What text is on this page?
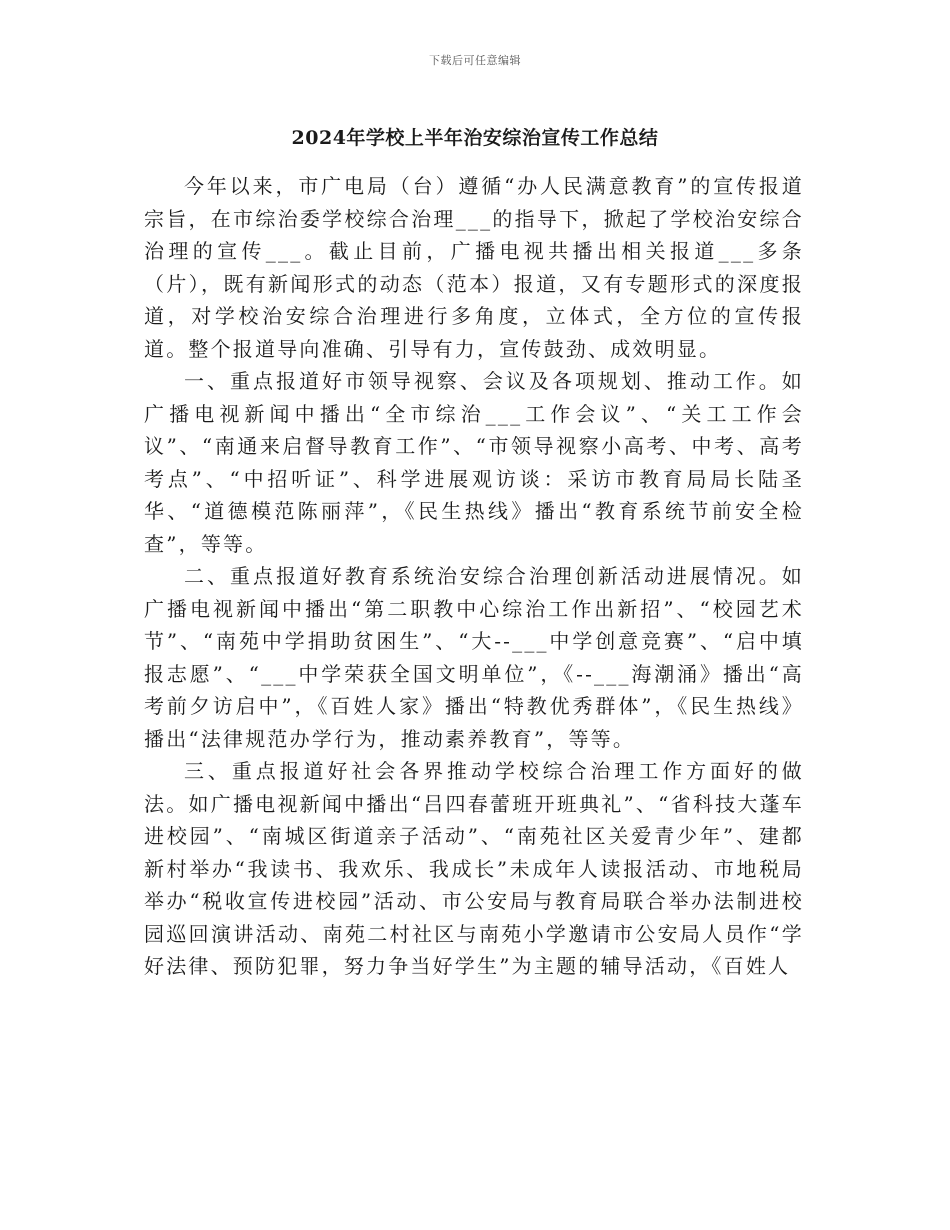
下载后可任意编辑
2024年学校上半年治安综治宣传工作总结

今年以来，市广电局（台）遵循“办人民满意教育”的宣传报道宗旨，在市综治委学校综合治理___的指导下，掀起了学校治安综合治理的宣传___。截止目前，广播电视共播出相关报道___多条（片），既有新闻形式的动态（范本）报道，又有专题形式的深度报道，对学校治安综合治理进行多角度，立体式，全方位的宣传报道。整个报道导向准确、引导有力，宣传鼓劲、成效明显。

一、重点报道好市领导视察、会议及各项规划、推动工作。如广播电视新闻中播出“全市综治___工作会议”、“关工工作会议”、“南通来启督导教育工作”、“市领导视察小高考、中考、高考考点”、“中招听证”、科学进展观访谈：采访市教育局局长陆圣华、“道德模范陈丽萍”，《民生热线》播出“教育系统节前安全检查”，等等。

二、重点报道好教育系统治安综合治理创新活动进展情况。如广播电视新闻中播出“第二职教中心综治工作出新招”、“校园艺术节”、“南苑中学捐助贫困生”、“大--___中学创意竞赛”、“启中填报志愿”、“___中学荣获全国文明单位”，《--___海潮涌》播出“高考前夕访启中”，《百姓人家》播出“特教优秀群体”，《民生热线》播出“法律规范办学行为，推动素养教育”，等等。

三、重点报道好社会各界推动学校综合治理工作方面好的做法。如广播电视新闻中播出“吕四春蕾班开班典礼”、“省科技大蓬车进校园”、“南城区街道亲子活动”、“南苑社区关爱青少年”、建都新村举办“我读书、我欢乐、我成长”未成年人读报活动、市地税局举办“税收宣传进校园”活动、市公安局与教育局联合举办法制进校园巡回演讲活动、南苑二村社区与南苑小学邀请市公安局人员作“学好法律、预防犯罪，努力争当好学生”为主题的辅导活动，《百姓人
